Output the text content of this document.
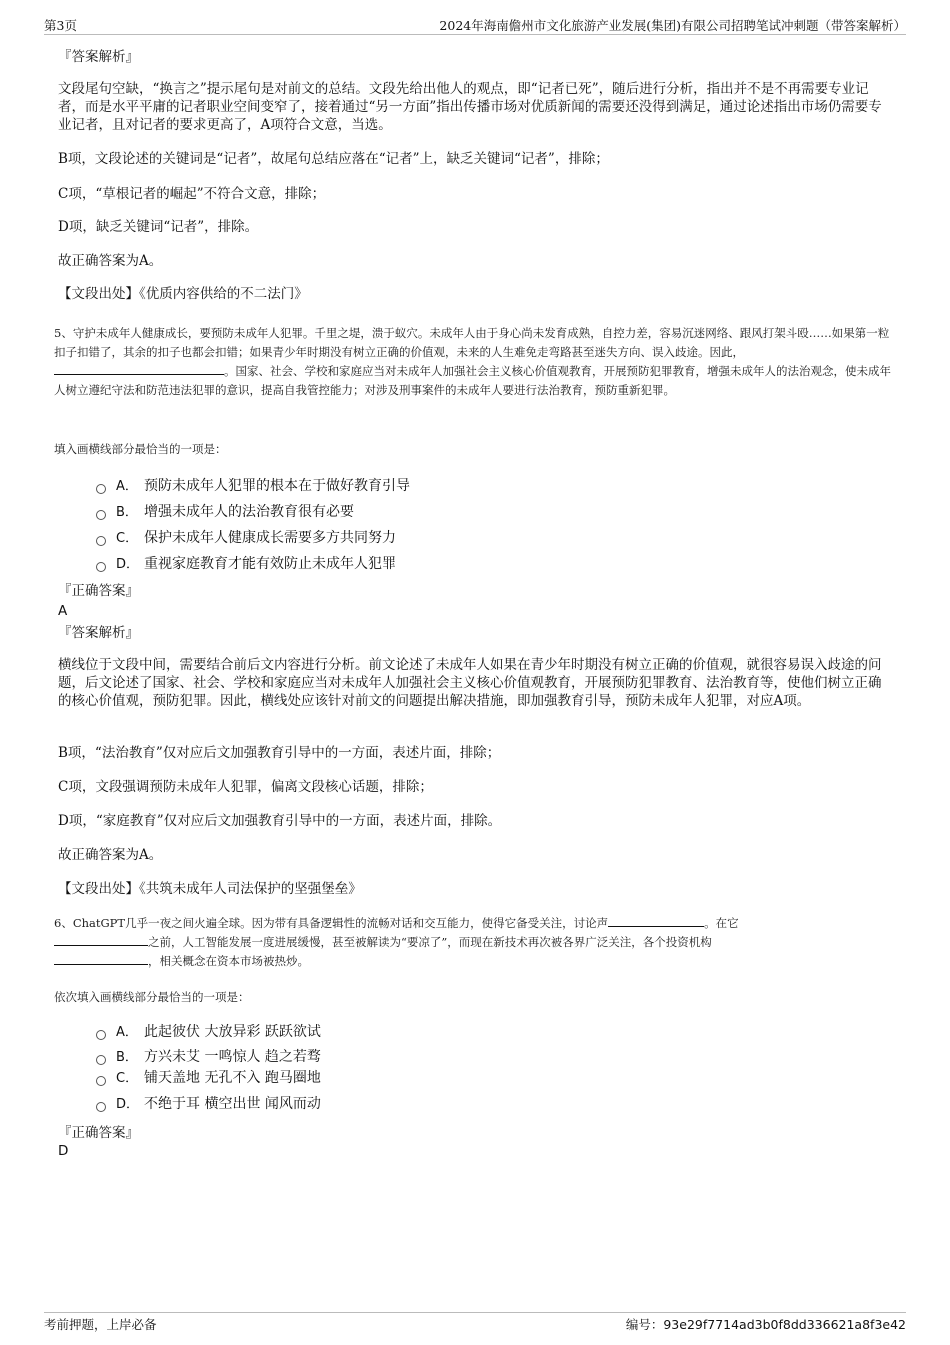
第3页	2024年海南儋州市文化旅游产业发展(集团)有限公司招聘笔试冲刺题（带答案解析）
『答案解析』
文段尾句空缺，“换言之”提示尾句是对前文的总结。文段先给出他人的观点，即“记者已死”，随后进行分析，指出并不是不再需要专业记者，而是水平平庸的记者职业空间变窄了，接着通过“另一方面”指出传播市场对优质新闻的需要还没得到满足，通过论述指出市场仍需要专业记者，且对记者的要求更高了，A项符合文意，当选。
B项，文段论述的关键词是“记者”，故尾句总结应落在“记者”上，缺乏关键词“记者”，排除；
C项，“草根记者的崛起”不符合文意，排除；
D项，缺乏关键词“记者”，排除。
故正确答案为A。
【文段出处】《优质内容供给的不二法门》
5、守护未成年人健康成长，要预防未成年人犯罪。千里之堤，溃于蚁穴。未成年人由于身心尚未发育成熟，自控力差，容易沉迷网络、跟风打架斗殴……如果第一粒扣子扣错了，其余的扣子也都会扣错；如果青少年时期没有树立正确的价值观，未来的人生难免走弯路甚至迷失方向、误入歧途。因此，。国家、社会、学校和家庭应当对未成年人加强社会主义核心价值观教育，开展预防犯罪教育，增强未成年人的法治观念，使未成年人树立遵纪守法和防范违法犯罪的意识，提高自我管控能力；对涉及刑事案件的未成年人要进行法治教育，预防重新犯罪。
填入画横线部分最恰当的一项是：
A． 预防未成年人犯罪的根本在于做好教育引导
B． 增强未成年人的法治教育很有必要
C． 保护未成年人健康成长需要多方共同努力
D． 重视家庭教育才能有效防止未成年人犯罪
『正确答案』
A
『答案解析』
横线位于文段中间，需要结合前后文内容进行分析。前文论述了未成年人如果在青少年时期没有树立正确的价值观，就很容易误入歧途的问题，后文论述了国家、社会、学校和家庭应当对未成年人加强社会主义核心价值观教育，开展预防犯罪教育、法治教育等，使他们树立正确的核心价值观，预防犯罪。因此，横线处应该针对前文的问题提出解决措施，即加强教育引导，预防未成年人犯罪，对应A项。
B项，“法治教育”仅对应后文加强教育引导中的一方面，表述片面，排除；
C项，文段强调预防未成年人犯罪，偏离文段核心话题，排除；
D项，“家庭教育”仅对应后文加强教育引导中的一方面，表述片面，排除。
故正确答案为A。
【文段出处】《共筑未成年人司法保护的坚强堡垒》
6、ChatGPT几乎一夜之间火遍全球。因为带有具备逻辑性的流畅对话和交互能力，使得它备受关注，讨论声	。在它
之前，人工智能发展一度进展缓慢，甚至被解读为“要凉了”，而现在新技术再次被各界广泛关注，各个投资机构
，相关概念在资本市场被热炒。
依次填入画横线部分最恰当的一项是：
A． 此起彼伏 大放异彩 跃跃欲试
B． 方兴未艾 一鸣惊人 趋之若骛
C． 铺天盖地 无孔不入 跑马圈地
D． 不绝于耳 横空出世 闻风而动
『正确答案』
D
考前押题，上岸必备	编号：93e29f7714ad3b0f8dd336621a8f3e42
